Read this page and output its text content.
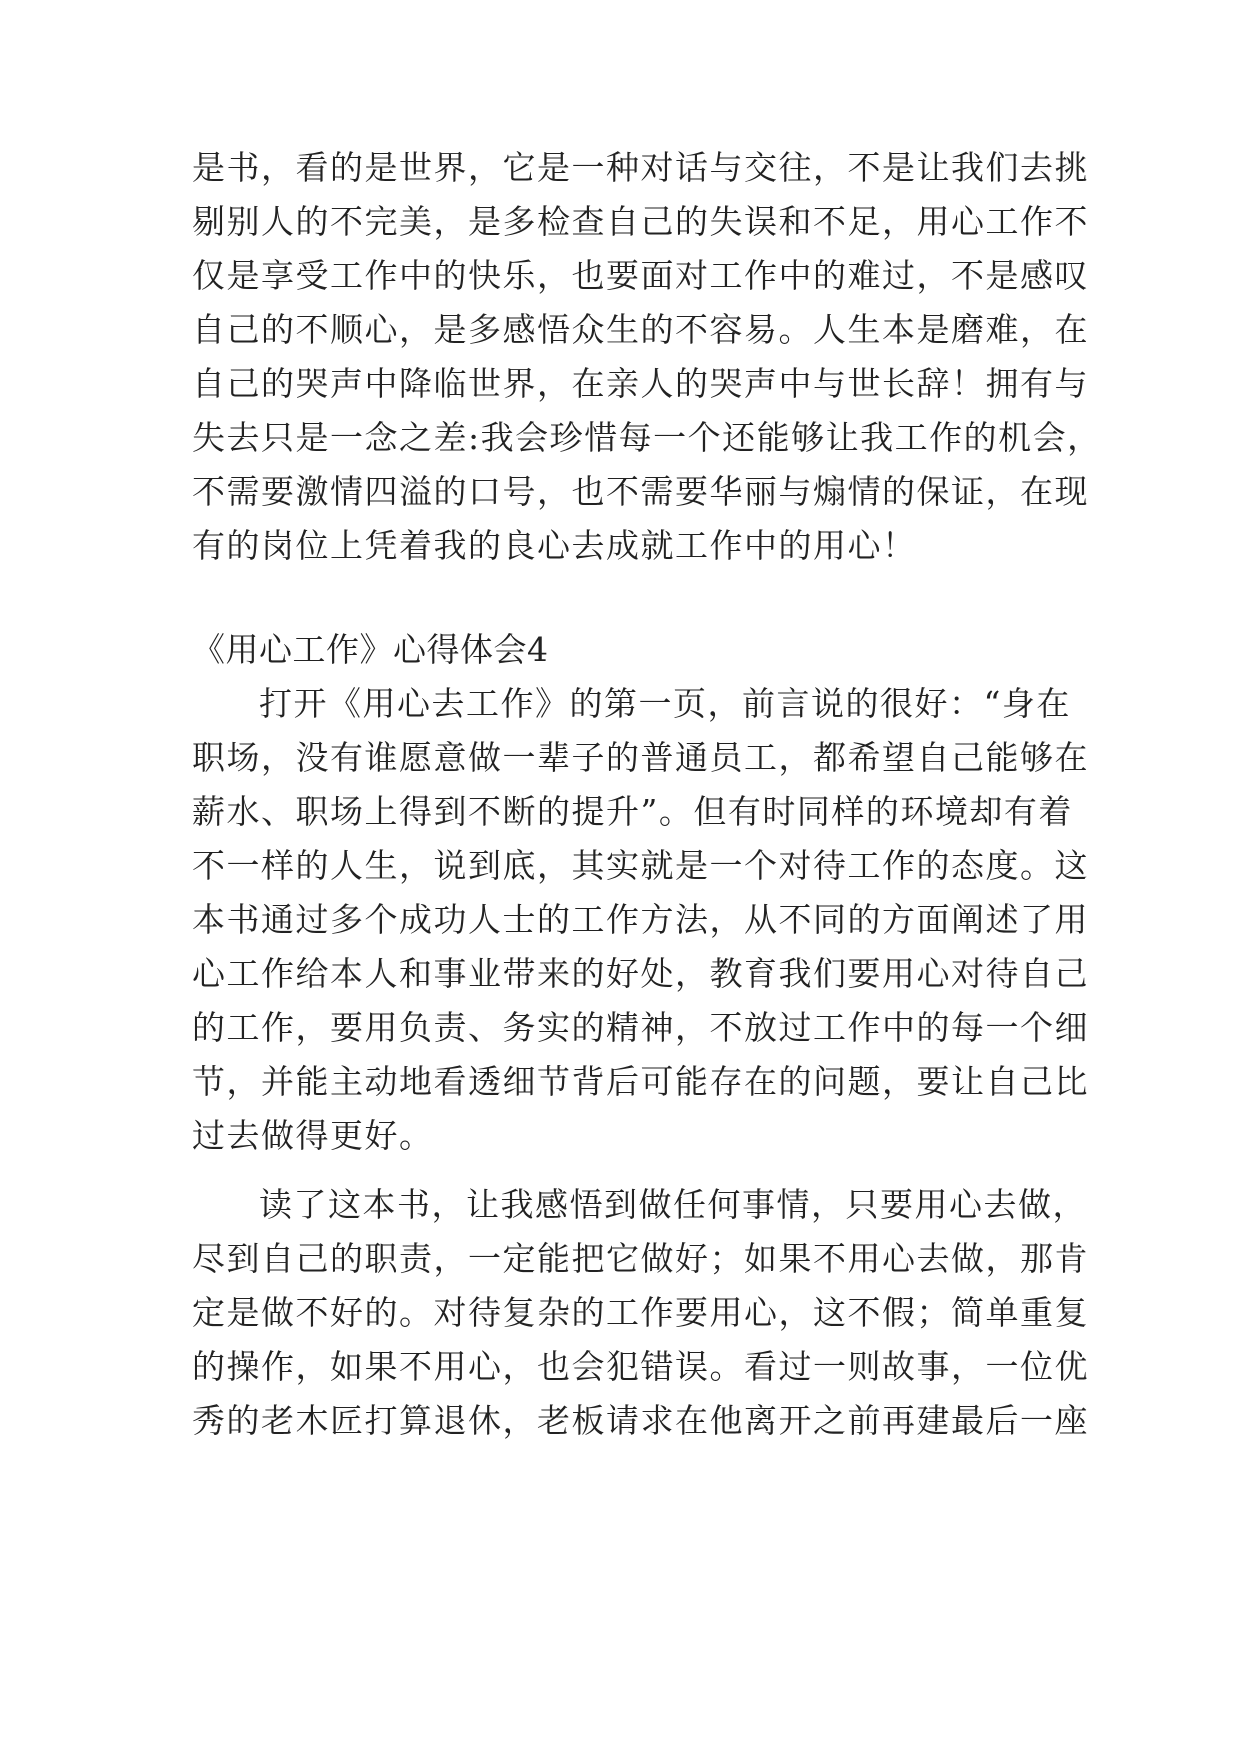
是书，看的是世界，它是一种对话与交往，不是让我们去挑
剔别人的不完美，是多检查自己的失误和不足，用心工作不
仅是享受工作中的快乐，也要面对工作中的难过，不是感叹
自己的不顺心，是多感悟众生的不容易。人生本是磨难，在
自己的哭声中降临世界，在亲人的哭声中与世长辞！拥有与
失去只是一念之差:我会珍惜每一个还能够让我工作的机会，
不需要激情四溢的口号，也不需要华丽与煽情的保证，在现
有的岗位上凭着我的良心去成就工作中的用心！
《用心工作》心得体会4
打开《用心去工作》的第一页，前言说的很好：“身在
职场，没有谁愿意做一辈子的普通员工，都希望自己能够在
薪水、职场上得到不断的提升”。但有时同样的环境却有着
不一样的人生，说到底，其实就是一个对待工作的态度。这
本书通过多个成功人士的工作方法，从不同的方面阐述了用
心工作给本人和事业带来的好处，教育我们要用心对待自己
的工作，要用负责、务实的精神，不放过工作中的每一个细
节，并能主动地看透细节背后可能存在的问题，要让自己比
过去做得更好。
读了这本书，让我感悟到做任何事情，只要用心去做，
尽到自己的职责，一定能把它做好；如果不用心去做，那肯
定是做不好的。对待复杂的工作要用心，这不假；简单重复
的操作，如果不用心，也会犯错误。看过一则故事，一位优
秀的老木匠打算退休，老板请求在他离开之前再建最后一座
